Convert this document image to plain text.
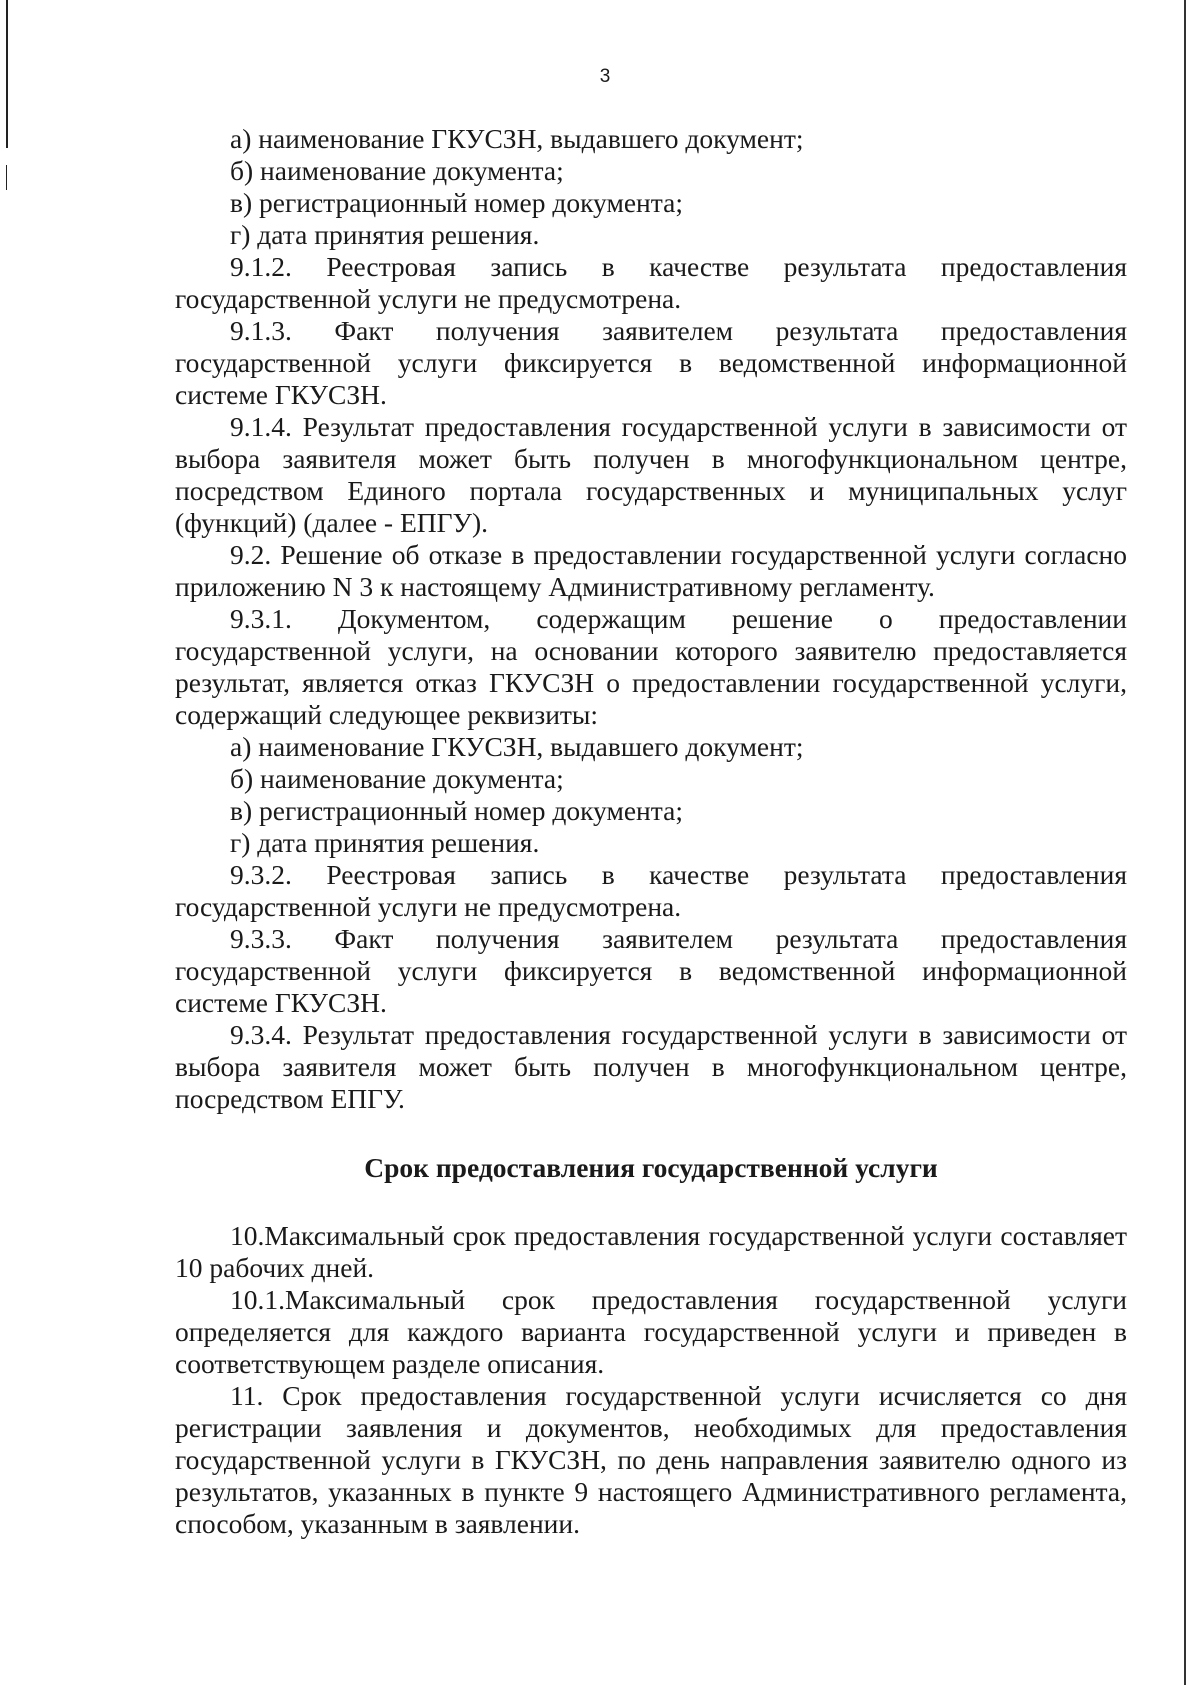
3

а) наименование ГКУСЗН, выдавшего документ;

б) наименование документа;

в) регистрационный номер документа;

г) дата принятия решения.

9.1.2. Реестровая запись в качестве результата предоставления государственной услуги не предусмотрена.

9.1.3. Факт получения заявителем результата предоставления государственной услуги фиксируется в ведомственной информационной системе ГКУСЗН.

9.1.4. Результат предоставления государственной услуги в зависимости от выбора заявителя может быть получен в многофункциональном центре, посредством Единого портала государственных и муниципальных услуг (функций) (далее - ЕПГУ).

9.2. Решение об отказе в предоставлении государственной услуги согласно приложению N 3 к настоящему Административному регламенту.

9.3.1. Документом, содержащим решение о предоставлении государственной услуги, на основании которого заявителю предоставляется результат, является отказ ГКУСЗН о предоставлении государственной услуги, содержащий следующее реквизиты:

а) наименование ГКУСЗН, выдавшего документ;

б) наименование документа;

в) регистрационный номер документа;

г) дата принятия решения.

9.3.2. Реестровая запись в качестве результата предоставления государственной услуги не предусмотрена.

9.3.3. Факт получения заявителем результата предоставления государственной услуги фиксируется в ведомственной информационной системе ГКУСЗН.

9.3.4. Результат предоставления государственной услуги в зависимости от выбора заявителя может быть получен в многофункциональном центре, посредством ЕПГУ.

Срок предоставления государственной услуги

10.Максимальный срок предоставления государственной услуги составляет 10 рабочих дней.

10.1.Максимальный срок предоставления государственной услуги определяется для каждого варианта государственной услуги и приведен в соответствующем разделе описания.

11. Срок предоставления государственной услуги исчисляется со дня регистрации заявления и документов, необходимых для предоставления государственной услуги в ГКУСЗН, по день направления заявителю одного из результатов, указанных в пункте 9 настоящего Административного регламента, способом, указанным в заявлении.
